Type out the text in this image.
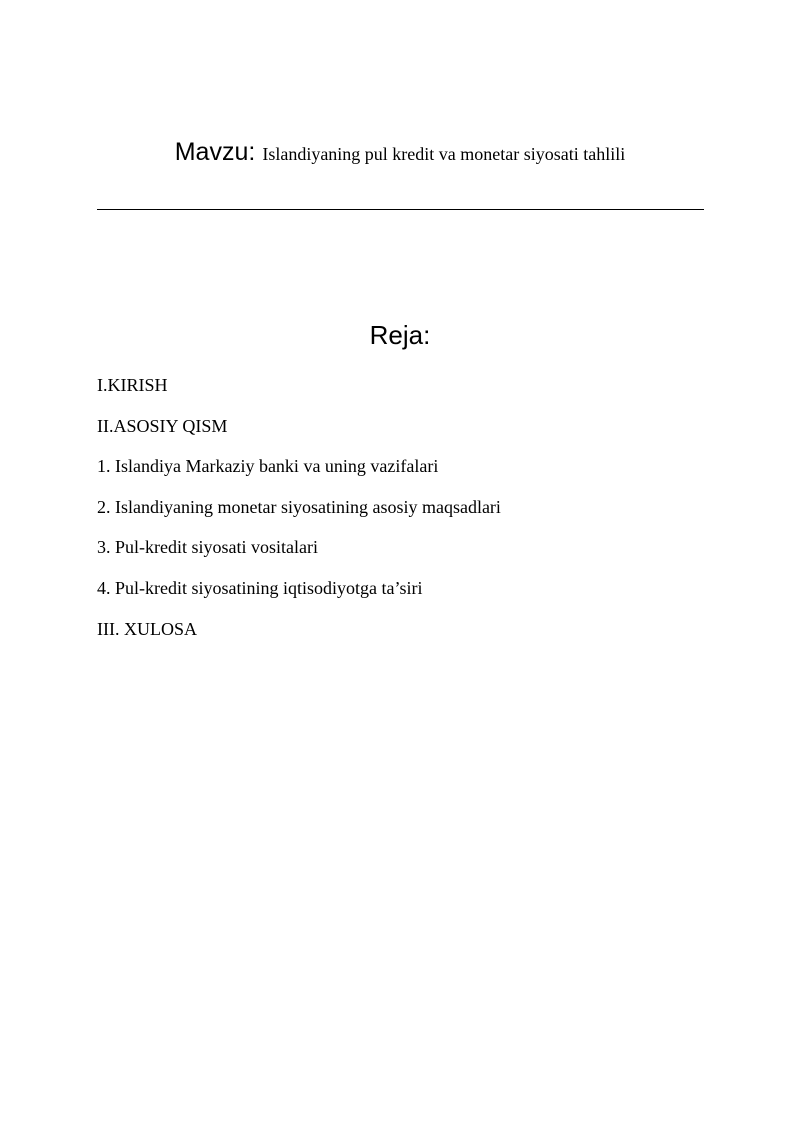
Mavzu: Islandiyaning pul kredit va monetar siyosati tahlili
Reja:
I.KIRISH
II.ASOSIY QISM
1. Islandiya Markaziy banki va uning vazifalari
2. Islandiyaning monetar siyosatining asosiy maqsadlari
3. Pul-kredit siyosati vositalari
4. Pul-kredit siyosatining iqtisodiyotga ta’siri
III. XULOSA
